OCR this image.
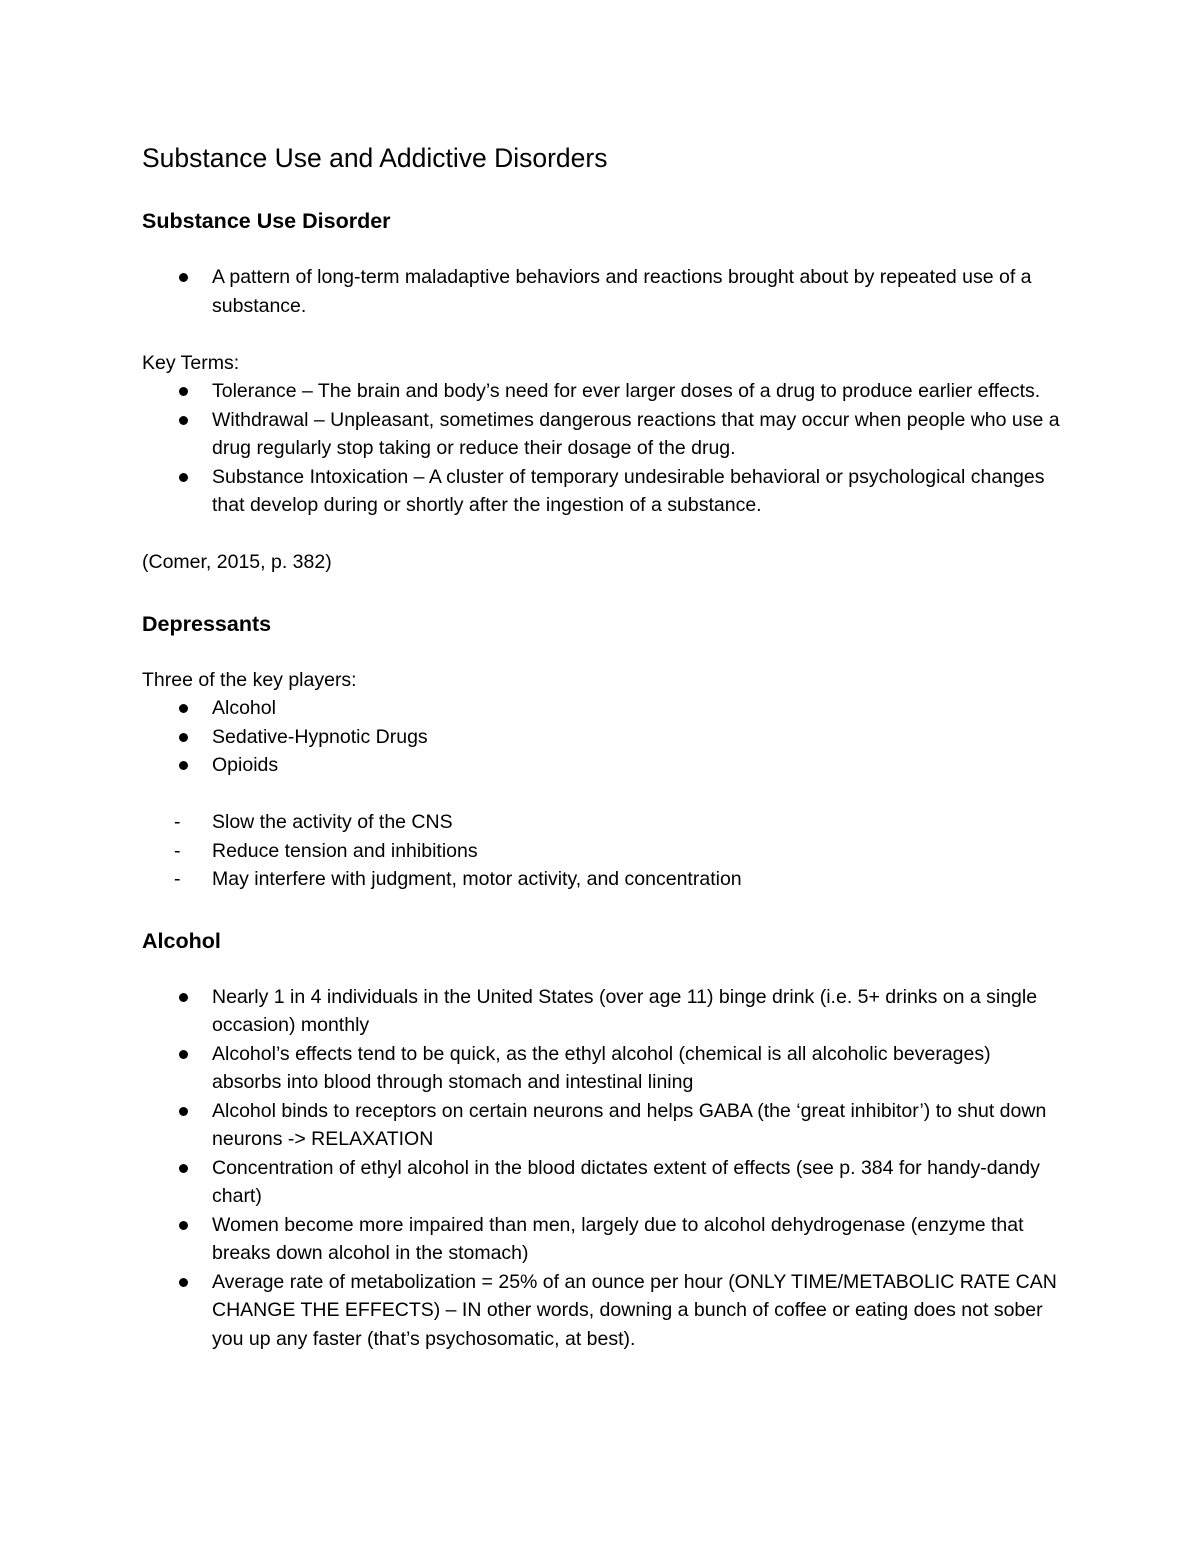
Substance Use and Addictive Disorders
Substance Use Disorder
A pattern of long-term maladaptive behaviors and reactions brought about by repeated use of a substance.

Key Terms:

Tolerance – The brain and body’s need for ever larger doses of a drug to produce earlier effects.
Withdrawal – Unpleasant, sometimes dangerous reactions that may occur when people who use a drug regularly stop taking or reduce their dosage of the drug.
Substance Intoxication – A cluster of temporary undesirable behavioral or psychological changes that develop during or shortly after the ingestion of a substance.

(Comer, 2015, p. 382)

Depressants

Three of the key players:

Alcohol
Sedative-Hypnotic Drugs
Opioids
- Slow the activity of the CNS
- Reduce tension and inhibitions
- May interfere with judgment, motor activity, and concentration
Alcohol
Nearly 1 in 4 individuals in the United States (over age 11) binge drink (i.e. 5+ drinks on a single occasion) monthly
Alcohol’s effects tend to be quick, as the ethyl alcohol (chemical is all alcoholic beverages) absorbs into blood through stomach and intestinal lining
Alcohol binds to receptors on certain neurons and helps GABA (the ‘great inhibitor’) to shut down neurons -> RELAXATION
Concentration of ethyl alcohol in the blood dictates extent of effects (see p. 384 for handy-dandy chart)
Women become more impaired than men, largely due to alcohol dehydrogenase (enzyme that breaks down alcohol in the stomach)
Average rate of metabolization = 25% of an ounce per hour (ONLY TIME/METABOLIC RATE CAN CHANGE THE EFFECTS) – IN other words, downing a bunch of coffee or eating does not sober you up any faster (that’s psychosomatic, at best).
